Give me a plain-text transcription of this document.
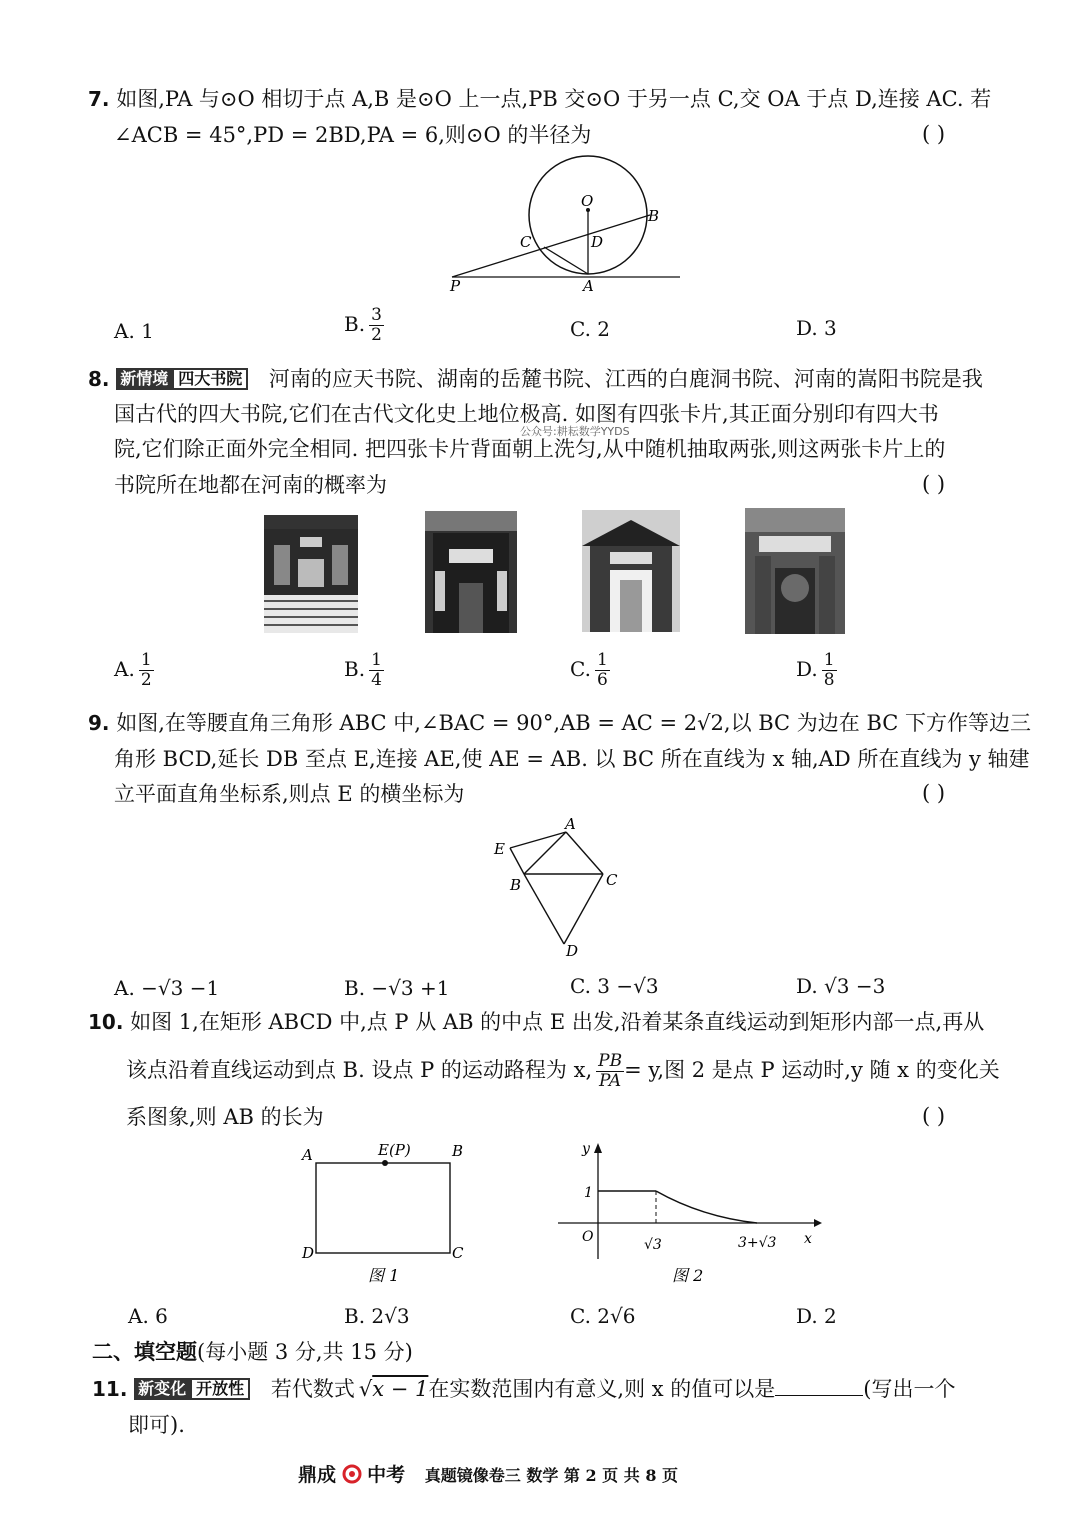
7. 如图,PA 与⊙O 相切于点 A,B 是⊙O 上一点,PB 交⊙O 于另一点 C,交 OA 于点 D,连接 AC. 若
∠ACB = 45°,PD = 2BD,PA = 6,则⊙O 的半径为	( )
O
B
C	D
P	A
A. 1	B. $\frac{3}{2}$	C. 2	D. 3
8. 新情境 四大书院 河南的应天书院、湖南的岳麓书院、江西的白鹿洞书院、河南的嵩阳书院是我
国古代的四大书院,它们在古代文化史上地位极高. 如图有四张卡片,其正面分别印有四大书
公众号:耕耘数学YYDS
院,它们除正面外完全相同. 把四张卡片背面朝上洗匀,从中随机抽取两张,则这两张卡片上的
书院所在地都在河南的概率为	( )
A. $\frac{1}{2}$	B. $\frac{1}{4}$	C. $\frac{1}{6}$	D. $\frac{1}{8}$
9. 如图,在等腰直角三角形 ABC 中,∠BAC = 90°,AB = AC = 2√2,以 BC 为边在 BC 下方作等边三
角形 BCD,延长 DB 至点 E,连接 AE,使 AE = AB. 以 BC 所在直线为 x 轴,AD 所在直线为 y 轴建
立平面直角坐标系,则点 E 的横坐标为	( )
A
E
B	C
D
A. −√3 −1	B. −√3 +1	C. 3 −√3	D. √3 −3
10. 如图 1,在矩形 ABCD 中,点 P 从 AB 的中点 E 出发,沿着某条直线运动到矩形内部一点,再从
该点沿着直线运动到点 B. 设点 P 的运动路程为 x, $\frac{PB}{PA} = y$,图 2 是点 P 运动时,y 随 x 的变化关
系图象,则 AB 的长为	( )
A	E(P)	B
D	C
图 1
y
1
O	√3	3+√3 x
图 2
A. 6	B. 2√3	C. 2√6	D. 2
二、填空题(每小题 3 分,共 15 分)
11. 新变化 开放性 若代数式 √x − 1在实数范围内有意义,则 x 的值可以是	(写出一个
即可).
鼎成 中考 真题镜像卷三 数学 第 2 页 共 8 页
